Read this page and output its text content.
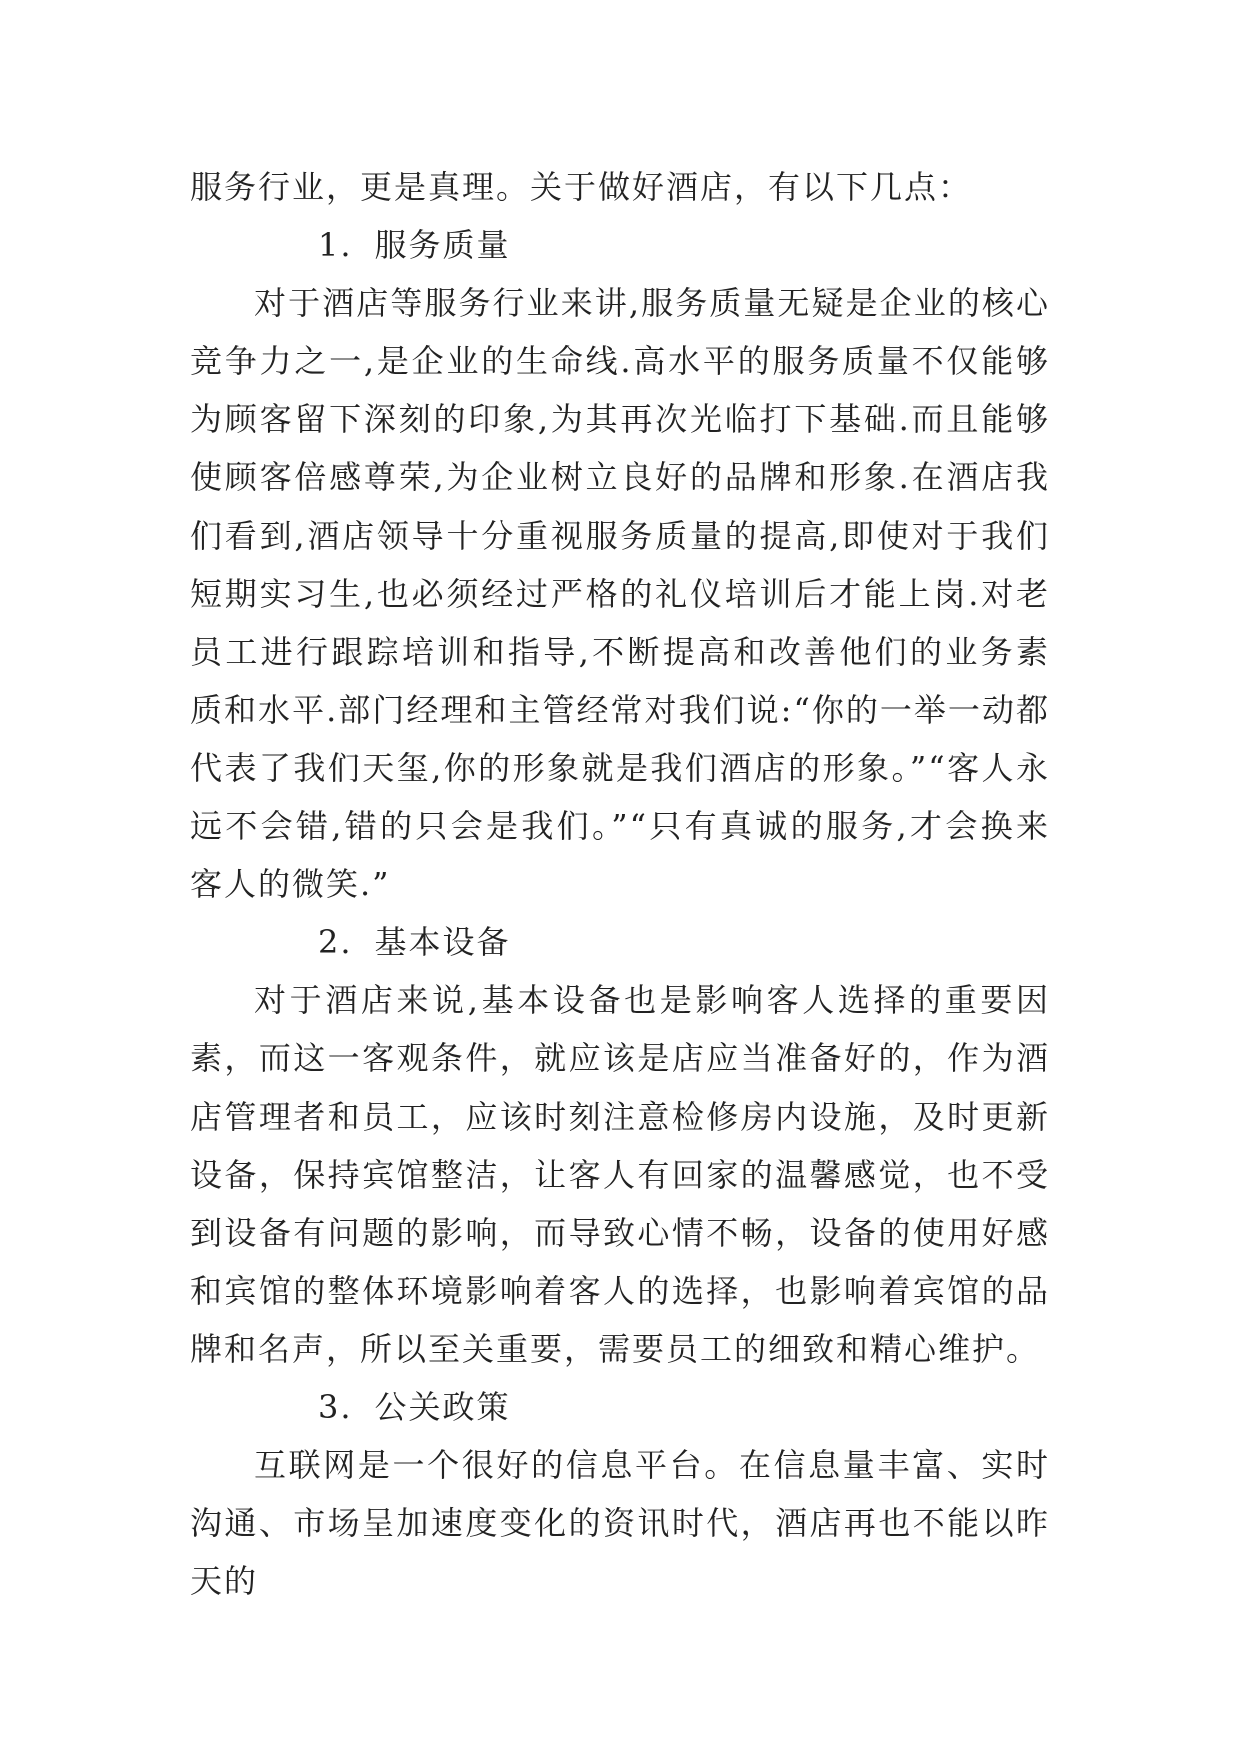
服务行业，更是真理。关于做好酒店，有以下几点：

1. 服务质量

对于酒店等服务行业来讲,服务质量无疑是企业的核心竞争力之一,是企业的生命线.高水平的服务质量不仅能够为顾客留下深刻的印象,为其再次光临打下基础.而且能够使顾客倍感尊荣,为企业树立良好的品牌和形象.在酒店我们看到,酒店领导十分重视服务质量的提高,即使对于我们短期实习生,也必须经过严格的礼仪培训后才能上岗.对老员工进行跟踪培训和指导,不断提高和改善他们的业务素质和水平.部门经理和主管经常对我们说:“你的一举一动都代表了我们天玺,你的形象就是我们酒店的形象。”“客人永远不会错,错的只会是我们。”“只有真诚的服务,才会换来客人的微笑.”

2. 基本设备

对于酒店来说,基本设备也是影响客人选择的重要因素，而这一客观条件，就应该是店应当准备好的，作为酒店管理者和员工，应该时刻注意检修房内设施，及时更新设备，保持宾馆整洁，让客人有回家的温馨感觉，也不受到设备有问题的影响，而导致心情不畅，设备的使用好感和宾馆的整体环境影响着客人的选择，也影响着宾馆的品牌和名声，所以至关重要，需要员工的细致和精心维护。

3. 公关政策

互联网是一个很好的信息平台。在信息量丰富、实时沟通、市场呈加速度变化的资讯时代，酒店再也不能以昨天的
